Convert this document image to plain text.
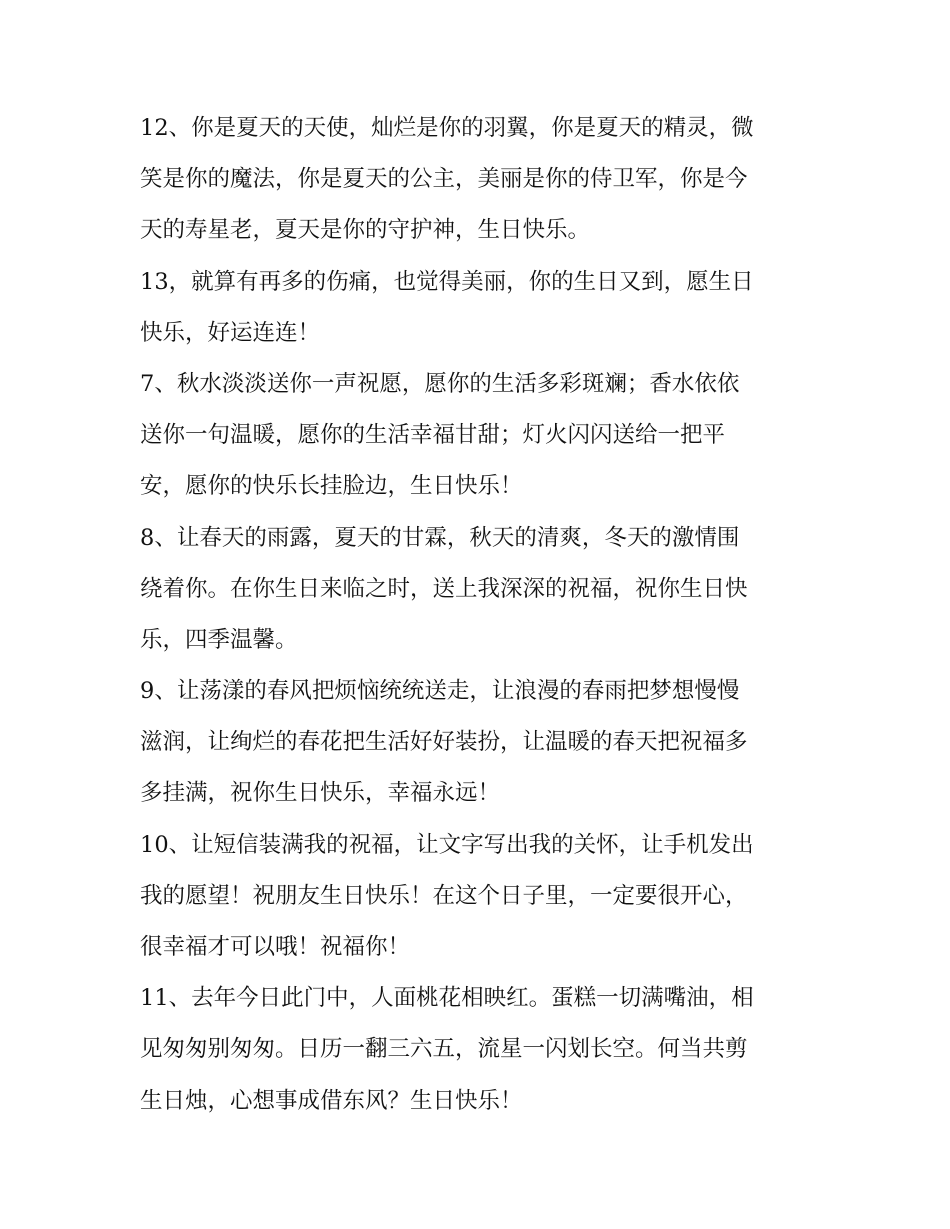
12、你是夏天的天使，灿烂是你的羽翼，你是夏天的精灵，微
笑是你的魔法，你是夏天的公主，美丽是你的侍卫军，你是今
天的寿星老，夏天是你的守护神，生日快乐。
13，就算有再多的伤痛，也觉得美丽，你的生日又到，愿生日
快乐，好运连连！
7、秋水淡淡送你一声祝愿，愿你的生活多彩斑斓；香水依依
送你一句温暖，愿你的生活幸福甘甜；灯火闪闪送给一把平
安，愿你的快乐长挂脸边，生日快乐！
8、让春天的雨露，夏天的甘霖，秋天的清爽，冬天的激情围
绕着你。在你生日来临之时，送上我深深的祝福，祝你生日快
乐，四季温馨。
9、让荡漾的春风把烦恼统统送走，让浪漫的春雨把梦想慢慢
滋润，让绚烂的春花把生活好好装扮，让温暖的春天把祝福多
多挂满，祝你生日快乐，幸福永远！
10、让短信装满我的祝福，让文字写出我的关怀，让手机发出
我的愿望！祝朋友生日快乐！在这个日子里，一定要很开心，
很幸福才可以哦！祝福你！
11、去年今日此门中，人面桃花相映红。蛋糕一切满嘴油，相
见匆匆别匆匆。日历一翻三六五，流星一闪划长空。何当共剪
生日烛，心想事成借东风？生日快乐！
